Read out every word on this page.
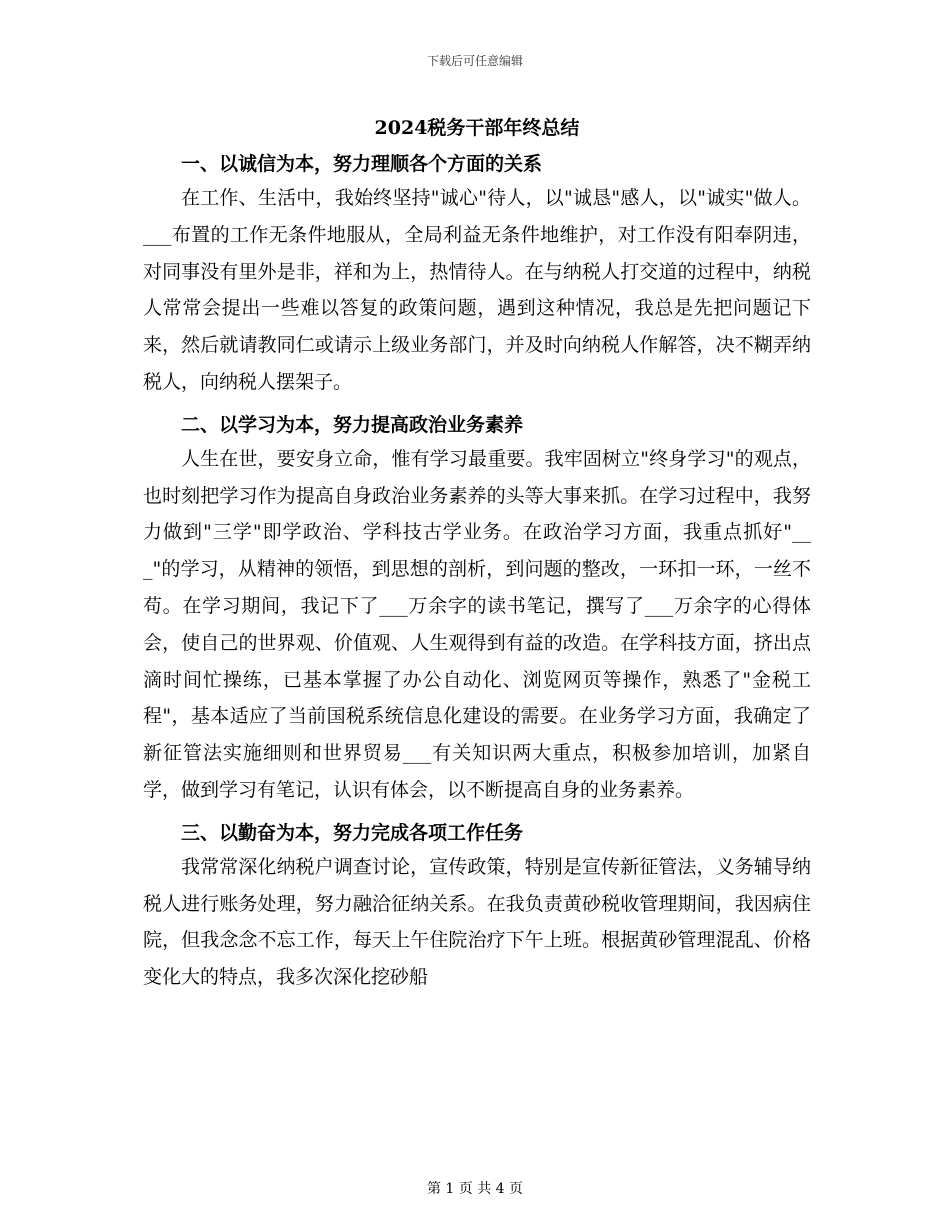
下载后可任意编辑
2024税务干部年终总结
一、以诚信为本，努力理顺各个方面的关系

在工作、生活中，我始终坚持"诚心"待人，以"诚恳"感人，以"诚实"做人。___布置的工作无条件地服从，全局利益无条件地维护，对工作没有阳奉阴违，对同事没有里外是非，祥和为上，热情待人。在与纳税人打交道的过程中，纳税人常常会提出一些难以答复的政策问题，遇到这种情况，我总是先把问题记下来，然后就请教同仁或请示上级业务部门，并及时向纳税人作解答，决不糊弄纳税人，向纳税人摆架子。

二、以学习为本，努力提高政治业务素养

人生在世，要安身立命，惟有学习最重要。我牢固树立"终身学习"的观点，也时刻把学习作为提高自身政治业务素养的头等大事来抓。在学习过程中，我努力做到"三学"即学政治、学科技古学业务。在政治学习方面，我重点抓好"___"的学习，从精神的领悟，到思想的剖析，到问题的整改，一环扣一环，一丝不苟。在学习期间，我记下了___万余字的读书笔记，撰写了___万余字的心得体会，使自己的世界观、价值观、人生观得到有益的改造。在学科技方面，挤出点滴时间忙操练，已基本掌握了办公自动化、浏览网页等操作，熟悉了"金税工程"，基本适应了当前国税系统信息化建设的需要。在业务学习方面，我确定了新征管法实施细则和世界贸易___有关知识两大重点，积极参加培训，加紧自学，做到学习有笔记，认识有体会，以不断提高自身的业务素养。

三、以勤奋为本，努力完成各项工作任务

我常常深化纳税户调查讨论，宣传政策，特别是宣传新征管法，义务辅导纳税人进行账务处理，努力融洽征纳关系。在我负责黄砂税收管理期间，我因病住院，但我念念不忘工作，每天上午住院治疗下午上班。根据黄砂管理混乱、价格变化大的特点，我多次深化挖砂船

第 1 页 共 4 页
